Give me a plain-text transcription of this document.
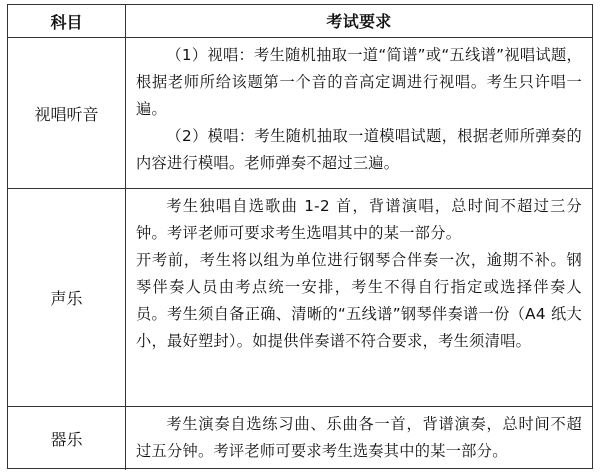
科目	考试要求
视唱听音

（1）视唱：考生随机抽取一道“简谱”或“五线谱”视唱试题，根据老师所给该题第一个音的音高定调进行视唱。考生只许唱一遍。

（2）模唱：考生随机抽取一道模唱试题，根据老师所弹奏的内容进行模唱。老师弹奏不超过三遍。

声乐

考生独唱自选歌曲 1-2 首，背谱演唱，总时间不超过三分钟。考评老师可要求考生选唱其中的某一部分。

开考前，考生将以组为单位进行钢琴合伴奏一次，逾期不补。钢琴伴奏人员由考点统一安排，考生不得自行指定或选择伴奏人员。考生须自备正确、清晰的“五线谱”钢琴伴奏谱一份（A4 纸大小，最好塑封）。如提供伴奏谱不符合要求，考生须清唱。

器乐

考生演奏自选练习曲、乐曲各一首，背谱演奏，总时间不超过五分钟。考评老师可要求考生选奏其中的某一部分。
